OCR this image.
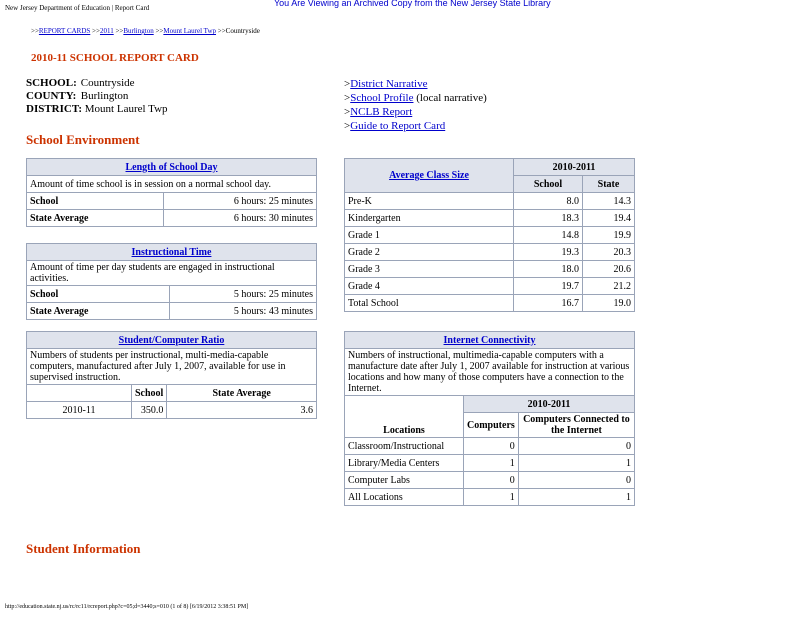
New Jersey Department of Education | Report Card	You Are Viewing an Archived Copy from the New Jersey State Library
>>REPORT CARDS >>2011 >>Burlington >>Mount Laurel Twp >>Countryside
2010-11 SCHOOL REPORT CARD
SCHOOL: Countryside
COUNTY: Burlington
DISTRICT: Mount Laurel Twp
>District Narrative
>School Profile (local narrative)
>NCLB Report
>Guide to Report Card
School Environment
Length of School Day	
Amount of time school is in session on a normal school day.	
School	6 hours: 25 minutes
State Average	6 hours: 30 minutes
Instructional Time	
Amount of time per day students are engaged in instructional activities.	
School	5 hours: 25 minutes
State Average	5 hours: 43 minutes
Student/Computer Ratio		
Numbers of students per instructional, multi-media-capable computers, manufactured after July 1, 2007, available for use in supervised instruction.		
	School	State Average
2010-11	350.0	3.6
Average Class Size	2010-2011	
	School	State
Pre-K	8.0	14.3
Kindergarten	18.3	19.4
Grade 1	14.8	19.9
Grade 2	19.3	20.3
Grade 3	18.0	20.6
Grade 4	19.7	21.2
Total School	16.7	19.0
Internet Connectivity		
Numbers of instructional, multimedia-capable computers with a manufacture date after July 1, 2007 available for instruction at various locations and how many of those computers have a connection to the Internet.		
Locations	2010-2011	
	Computers	Computers Connected to the Internet
Classroom/Instructional	0	0
Library/Media Centers	1	1
Computer Labs	0	0
All Locations	1	1
Student Information
http://education.state.nj.us/rc/rc11/rcreport.php?c=05;d=3440;s=010 (1 of 8) [6/19/2012 3:38:51 PM]
